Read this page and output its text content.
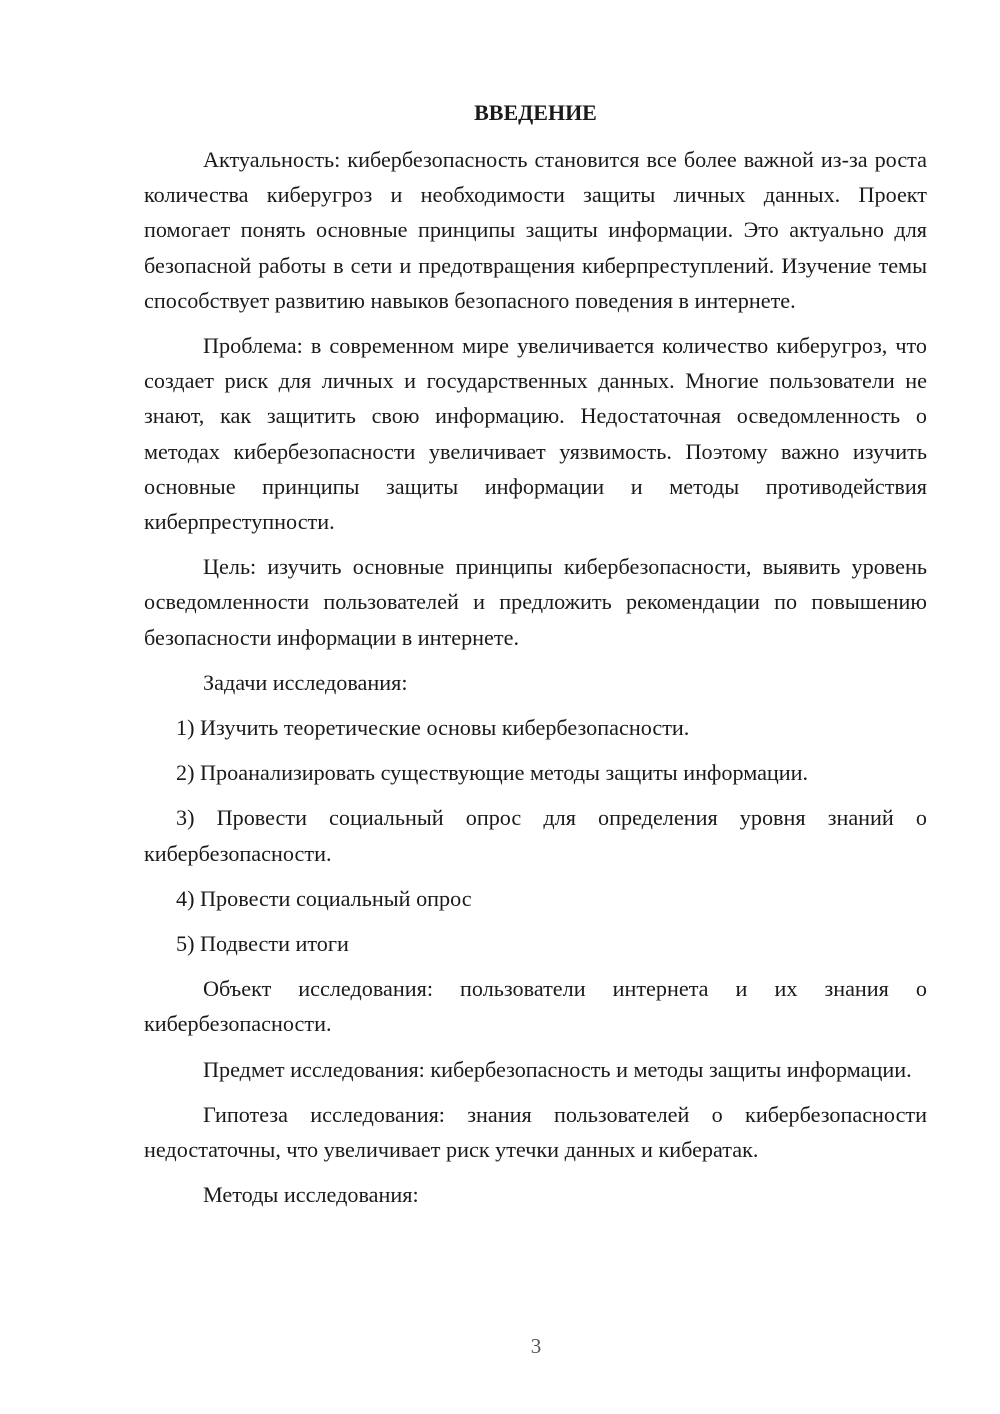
ВВЕДЕНИЕ

Актуальность: кибербезопасность становится все более важной из-за роста количества киберугроз и необходимости защиты личных данных. Проект помогает понять основные принципы защиты информации. Это актуально для безопасной работы в сети и предотвращения киберпреступлений. Изучение темы способствует развитию навыков безопасного поведения в интернете.

Проблема: в современном мире увеличивается количество киберугроз, что создает риск для личных и государственных данных. Многие пользователи не знают, как защитить свою информацию. Недостаточная осведомленность о методах кибербезопасности увеличивает уязвимость. Поэтому важно изучить основные принципы защиты информации и методы противодействия киберпреступности.

Цель: изучить основные принципы кибербезопасности, выявить уровень осведомленности пользователей и предложить рекомендации по повышению безопасности информации в интернете.

Задачи исследования:

1) Изучить теоретические основы кибербезопасности.

2) Проанализировать существующие методы защиты информации.

3) Провести социальный опрос для определения уровня знаний о кибербезопасности.

4) Провести социальный опрос

5) Подвести итоги

Объект исследования: пользователи интернета и их знания о кибербезопасности.

Предмет исследования: кибербезопасность и методы защиты информации.

Гипотеза исследования: знания пользователей о кибербезопасности недостаточны, что увеличивает риск утечки данных и кибератак.

Методы исследования:

3
